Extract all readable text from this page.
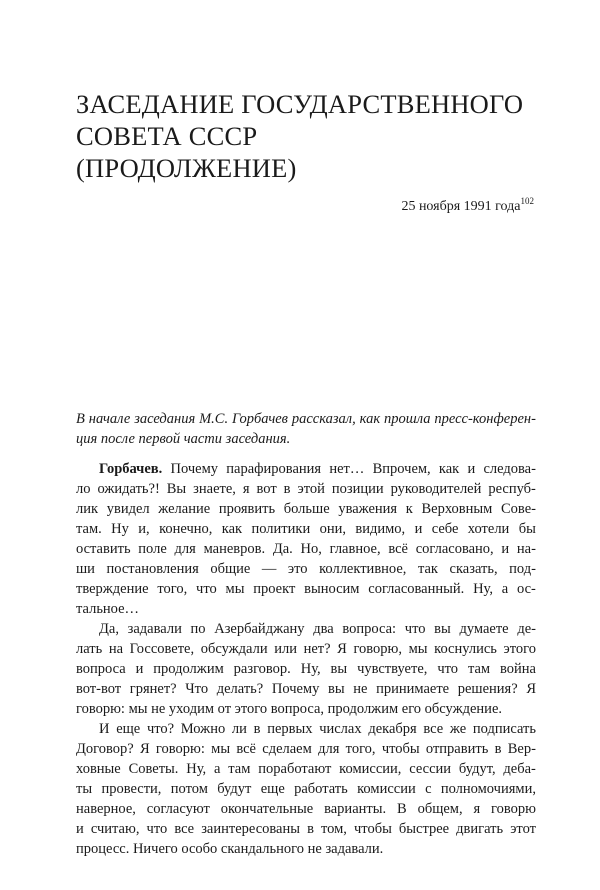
ЗАСЕДАНИЕ ГОСУДАРСТВЕННОГО
СОВЕТА СССР
(ПРОДОЛЖЕНИЕ)
25 ноября 1991 года$^{102}$
В начале заседания М.С. Горбачев рассказал, как прошла пресс-конферен-
ция после первой части заседания.
Горбачев. Почему парафирования нет… Впрочем, как и следова-
ло ожидать?! Вы знаете, я вот в этой позиции руководителей респуб-
лик увидел желание проявить больше уважения к Верховным Сове-
там. Ну и, конечно, как политики они, видимо, и себе хотели бы
оставить поле для маневров. Да. Но, главное, всё согласовано, и на-
ши постановления общие — это коллективное, так сказать, под-
тверждение того, что мы проект выносим согласованный. Ну, а ос-
тальное…
Да, задавали по Азербайджану два вопроса: что вы думаете де-
лать на Госсовете, обсуждали или нет? Я говорю, мы коснулись этого
вопроса и продолжим разговор. Ну, вы чувствуете, что там война
вот-вот грянет? Что делать? Почему вы не принимаете решения? Я
говорю: мы не уходим от этого вопроса, продолжим его обсуждение.
И еще что? Можно ли в первых числах декабря все же подписать
Договор? Я говорю: мы всё сделаем для того, чтобы отправить в Вер-
ховные Советы. Ну, а там поработают комиссии, сессии будут, деба-
ты провести, потом будут еще работать комиссии с полномочиями,
наверное, согласуют окончательные варианты. В общем, я говорю
и считаю, что все заинтересованы в том, чтобы быстрее двигать этот
процесс. Ничего особо скандального не задавали.
